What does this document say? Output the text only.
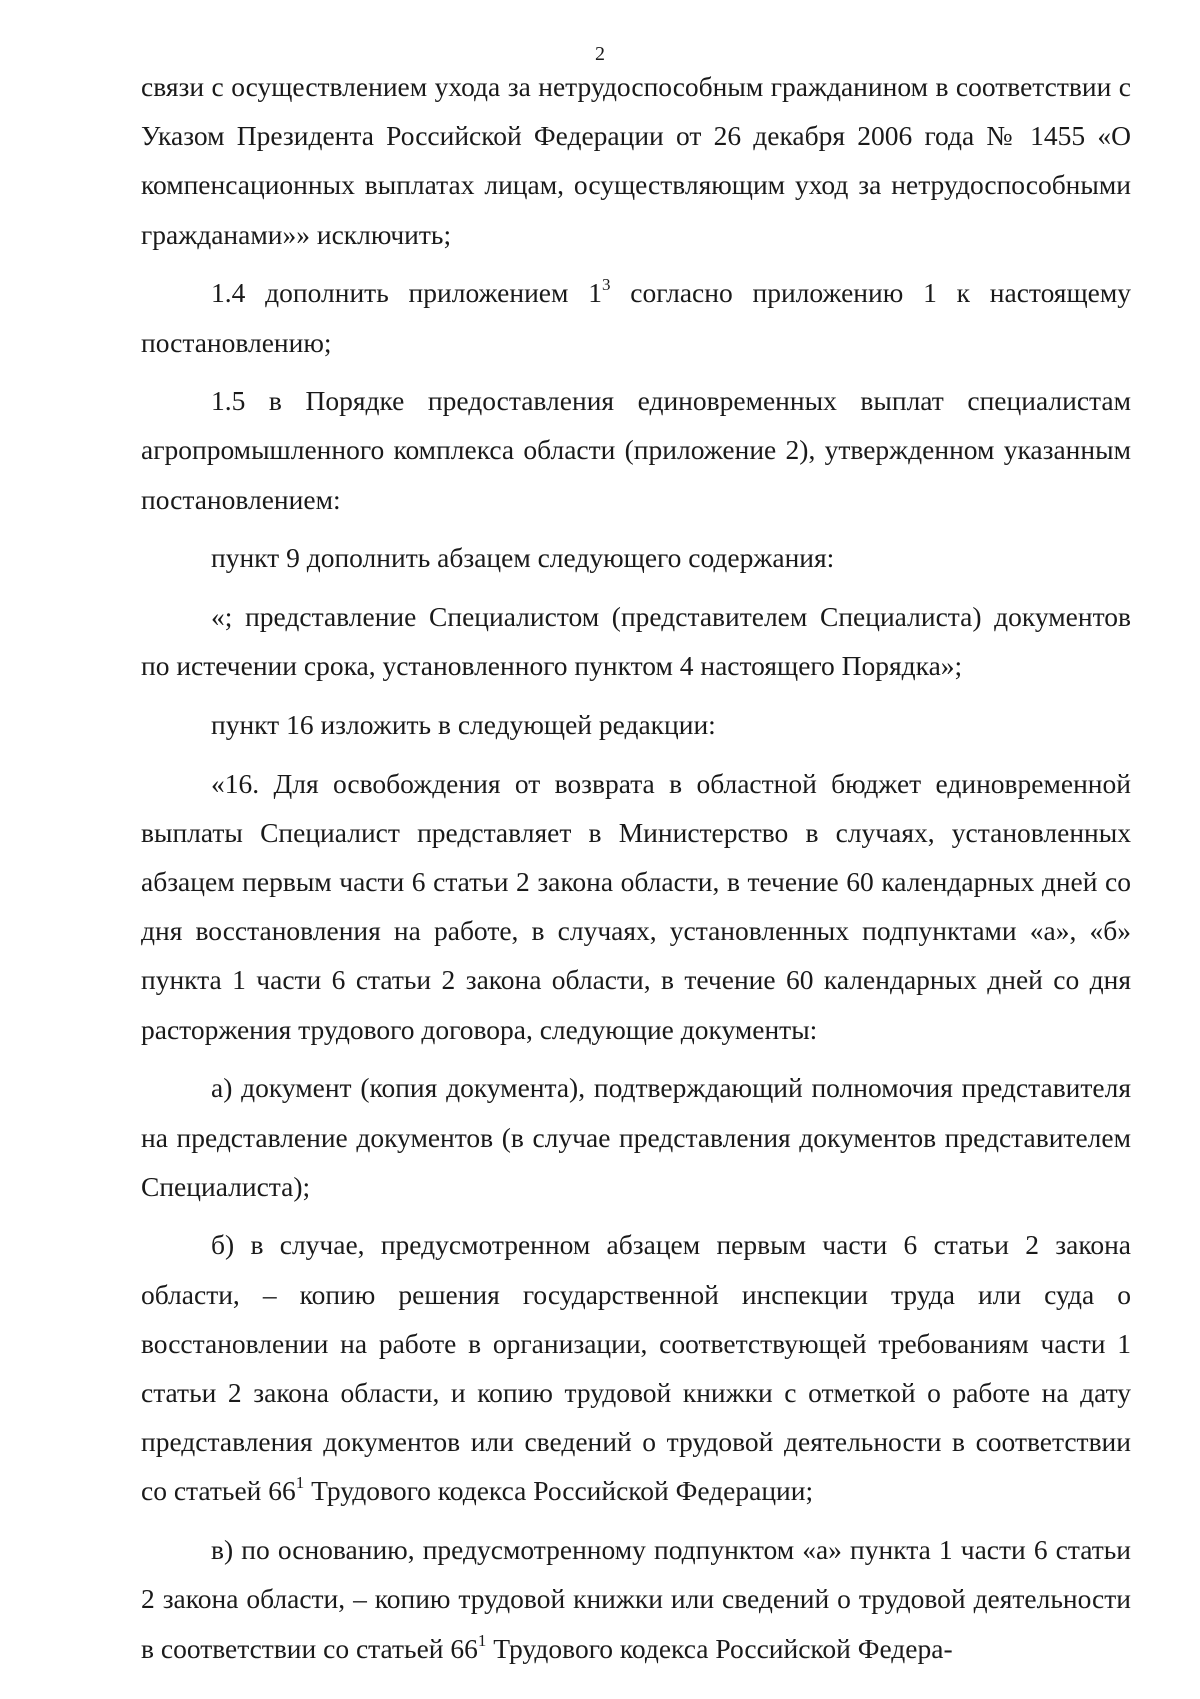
2

связи с осуществлением ухода за нетрудоспособным гражданином в соответствии с Указом Президента Российской Федерации от 26 декабря 2006 года № 1455 «О компенсационных выплатах лицам, осуществляющим уход за нетрудоспособными гражданами»» исключить;

1.4 дополнить приложением $1^3$ согласно приложению 1 к настоящему постановлению;

1.5 в Порядке предоставления единовременных выплат специалистам агропромышленного комплекса области (приложение 2), утвержденном указанным постановлением:

пункт 9 дополнить абзацем следующего содержания:

«; представление Специалистом (представителем Специалиста) документов по истечении срока, установленного пунктом 4 настоящего Порядка»;

пункт 16 изложить в следующей редакции:

«16. Для освобождения от возврата в областной бюджет единовременной выплаты Специалист представляет в Министерство в случаях, установленных абзацем первым части 6 статьи 2 закона области, в течение 60 календарных дней со дня восстановления на работе, в случаях, установленных подпунктами «а», «б» пункта 1 части 6 статьи 2 закона области, в течение 60 календарных дней со дня расторжения трудового договора, следующие документы:

а) документ (копия документа), подтверждающий полномочия представителя на представление документов (в случае представления документов представителем Специалиста);

б) в случае, предусмотренном абзацем первым части 6 статьи 2 закона области, – копию решения государственной инспекции труда или суда о восстановлении на работе в организации, соответствующей требованиям части 1 статьи 2 закона области, и копию трудовой книжки с отметкой о работе на дату представления документов или сведений о трудовой деятельности в соответствии со статьей $66^1$ Трудового кодекса Российской Федерации;

в) по основанию, предусмотренному подпунктом «а» пункта 1 части 6 статьи 2 закона области, – копию трудовой книжки или сведений о трудовой деятельности в соответствии со статьей $66^1$ Трудового кодекса Российской Федера-
